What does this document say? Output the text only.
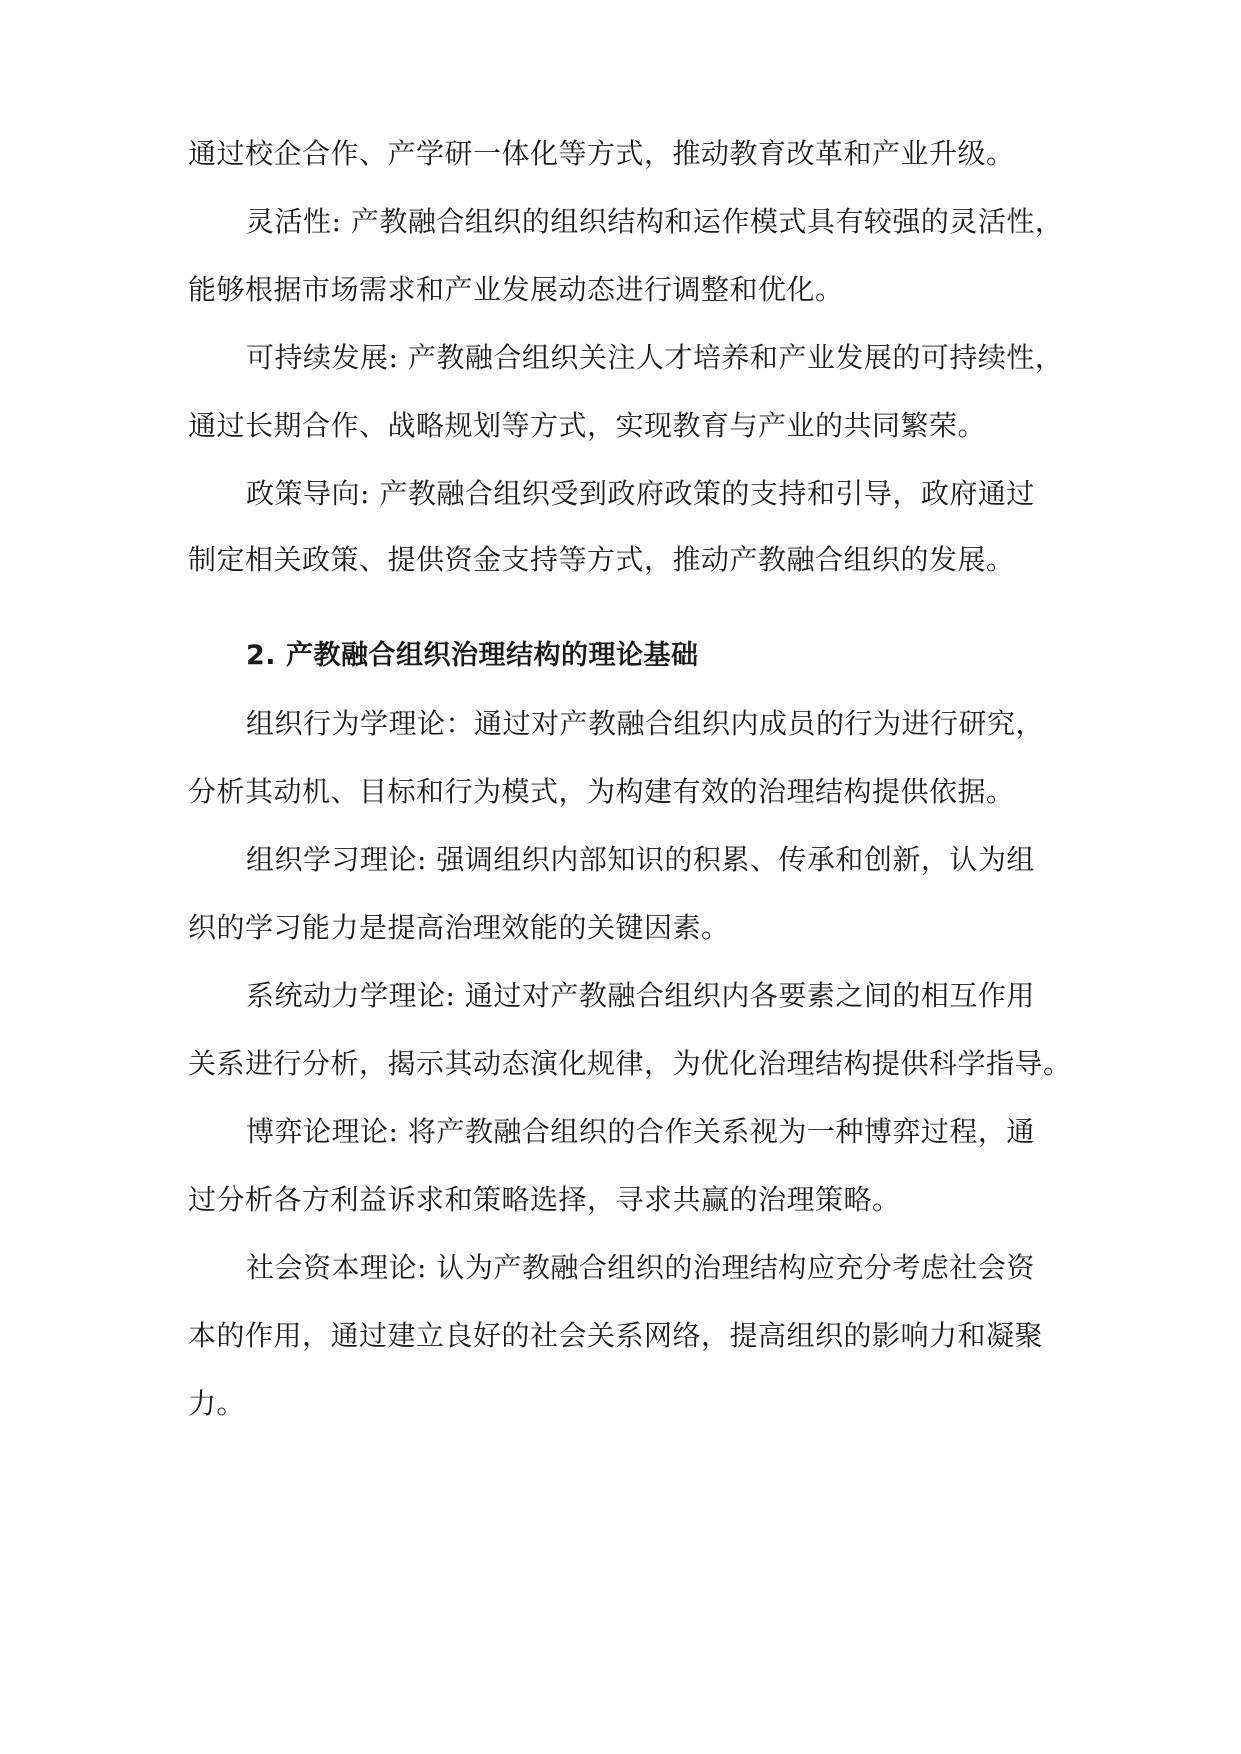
通过校企合作、产学研一体化等方式，推动教育改革和产业升级。
灵活性: 产教融合组织的组织结构和运作模式具有较强的灵活性，
能够根据市场需求和产业发展动态进行调整和优化。
可持续发展: 产教融合组织关注人才培养和产业发展的可持续性，
通过长期合作、战略规划等方式，实现教育与产业的共同繁荣。
政策导向: 产教融合组织受到政府政策的支持和引导，政府通过
制定相关政策、提供资金支持等方式，推动产教融合组织的发展。
2. 产教融合组织治理结构的理论基础
组织行为学理论：通过对产教融合组织内成员的行为进行研究，
分析其动机、目标和行为模式，为构建有效的治理结构提供依据。
组织学习理论: 强调组织内部知识的积累、传承和创新，认为组
织的学习能力是提高治理效能的关键因素。
系统动力学理论: 通过对产教融合组织内各要素之间的相互作用
关系进行分析，揭示其动态演化规律，为优化治理结构提供科学指导。
博弈论理论: 将产教融合组织的合作关系视为一种博弈过程，通
过分析各方利益诉求和策略选择，寻求共赢的治理策略。
社会资本理论: 认为产教融合组织的治理结构应充分考虑社会资
本的作用，通过建立良好的社会关系网络，提高组织的影响力和凝聚
力。
